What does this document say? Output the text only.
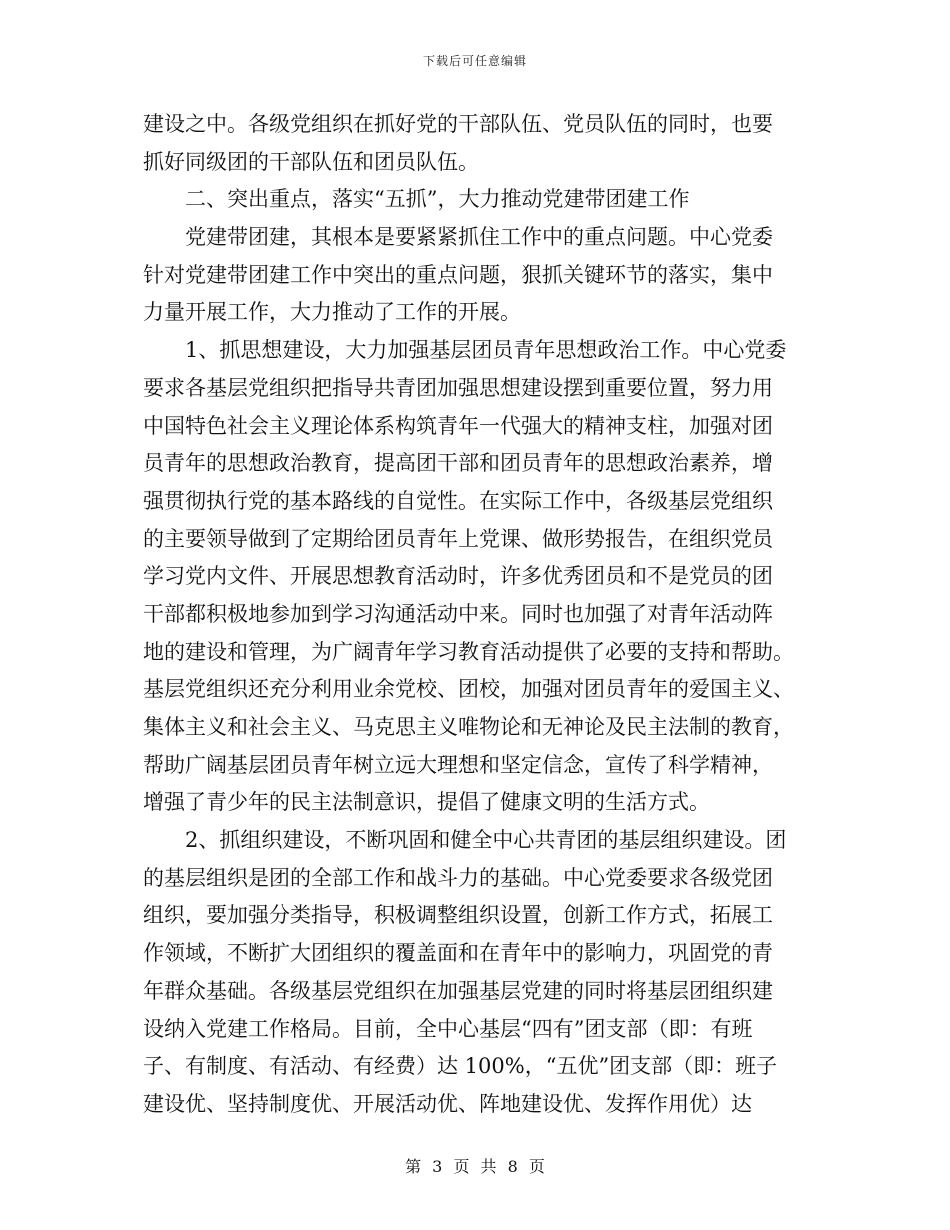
下载后可任意编辑
建设之中。各级党组织在抓好党的干部队伍、党员队伍的同时，也要
抓好同级团的干部队伍和团员队伍。
二、突出重点，落实“五抓”，大力推动党建带团建工作
党建带团建，其根本是要紧紧抓住工作中的重点问题。中心党委
针对党建带团建工作中突出的重点问题，狠抓关键环节的落实，集中
力量开展工作，大力推动了工作的开展。
1、抓思想建设，大力加强基层团员青年思想政治工作。中心党委
要求各基层党组织把指导共青团加强思想建设摆到重要位置，努力用
中国特色社会主义理论体系构筑青年一代强大的精神支柱，加强对团
员青年的思想政治教育，提高团干部和团员青年的思想政治素养，增
强贯彻执行党的基本路线的自觉性。在实际工作中，各级基层党组织
的主要领导做到了定期给团员青年上党课、做形势报告，在组织党员
学习党内文件、开展思想教育活动时，许多优秀团员和不是党员的团
干部都积极地参加到学习沟通活动中来。同时也加强了对青年活动阵
地的建设和管理，为广阔青年学习教育活动提供了必要的支持和帮助。
基层党组织还充分利用业余党校、团校，加强对团员青年的爱国主义、
集体主义和社会主义、马克思主义唯物论和无神论及民主法制的教育，
帮助广阔基层团员青年树立远大理想和坚定信念，宣传了科学精神，
增强了青少年的民主法制意识，提倡了健康文明的生活方式。
2、抓组织建设，不断巩固和健全中心共青团的基层组织建设。团
的基层组织是团的全部工作和战斗力的基础。中心党委要求各级党团
组织，要加强分类指导，积极调整组织设置，创新工作方式，拓展工
作领域，不断扩大团组织的覆盖面和在青年中的影响力，巩固党的青
年群众基础。各级基层党组织在加强基层党建的同时将基层团组织建
设纳入党建工作格局。目前，全中心基层“四有”团支部（即：有班
子、有制度、有活动、有经费）达 100%，“五优”团支部（即：班子
建设优、坚持制度优、开展活动优、阵地建设优、发挥作用优）达
第 3 页 共 8 页
